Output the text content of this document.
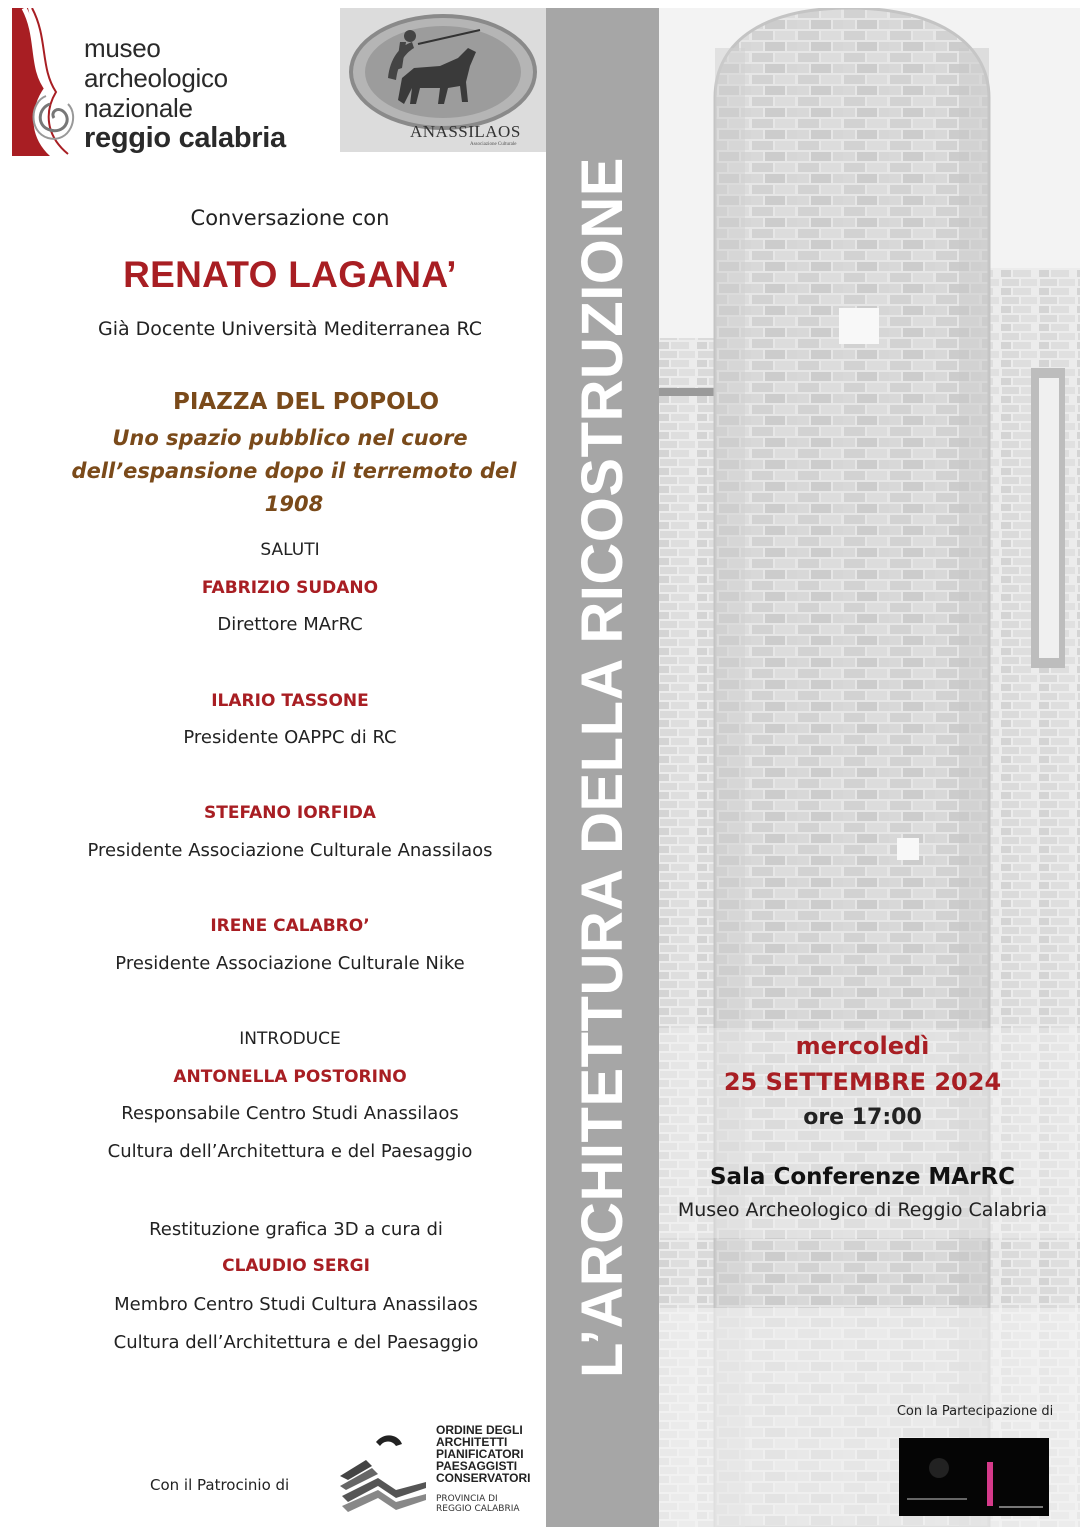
museo
archeologico
nazionale
reggio calabria	ANASSILAOS
Associazione Culturale
Conversazione con
RENATO LAGANA’
Già Docente Università Mediterranea RC
PIAZZA DEL POPOLO
Uno spazio pubblico nel cuore
dell’espansione dopo il terremoto del 1908
SALUTI
FABRIZIO SUDANO
Direttore MArRC
ILARIO TASSONE
Presidente OAPPC di RC
STEFANO IORFIDA
Presidente Associazione Culturale Anassilaos
IRENE CALABRO’
Presidente Associazione Culturale Nike
INTRODUCE
ANTONELLA POSTORINO
Responsabile Centro Studi Anassilaos
Cultura dell’Architettura e del Paesaggio
Restituzione grafica 3D a cura di
CLAUDIO SERGI
Membro Centro Studi Cultura Anassilaos
Cultura dell’Architettura e del Paesaggio
Con il Patrocinio di
ORDINE DEGLI
ARCHITETTI
PIANIFICATORI
PAESAGGISTI
CONSERVATORI
PROVINCIA DI
REGGIO CALABRIA
L’ARCHITETTURA DELLA RICOSTRUZIONE	mercoledì
25 SETTEMBRE 2024
ore 17:00
Sala Conferenze MArRC
Museo Archeologico di Reggio Calabria
Con la Partecipazione di
